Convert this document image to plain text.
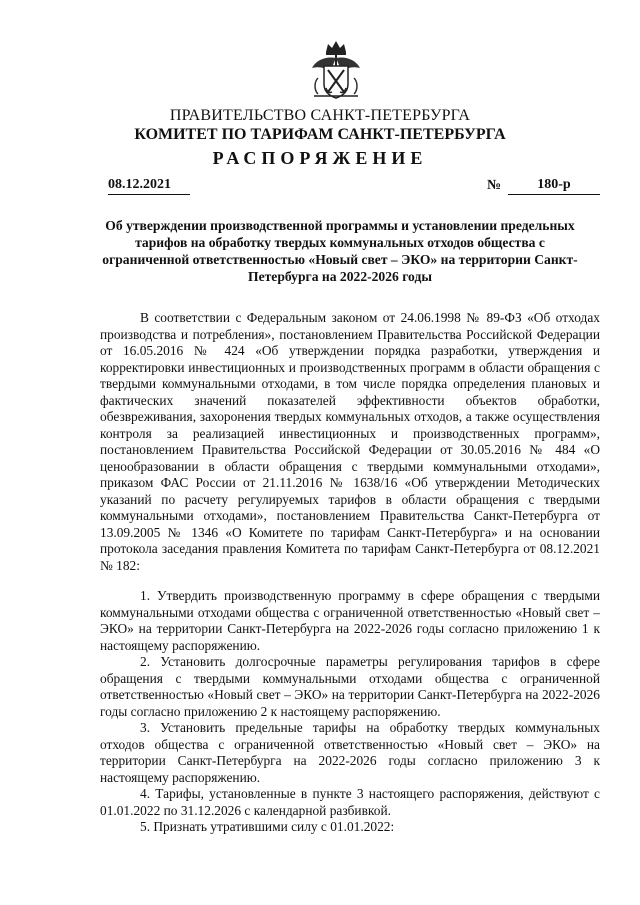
ПРАВИТЕЛЬСТВО САНКТ-ПЕТЕРБУРГА
КОМИТЕТ ПО ТАРИФАМ САНКТ-ПЕТЕРБУРГА
РАСПОРЯЖЕНИЕ
08.12.2021	№	180-р
Об утверждении производственной программы и установлении предельных тарифов на обработку твердых коммунальных отходов общества с ограниченной ответственностью «Новый свет – ЭКО» на территории Санкт-Петербурга на 2022-2026 годы

В соответствии с Федеральным законом от 24.06.1998 № 89-ФЗ «Об отходах производства и потребления», постановлением Правительства Российской Федерации от 16.05.2016 № 424 «Об утверждении порядка разработки, утверждения и корректировки инвестиционных и производственных программ в области обращения с твердыми коммунальными отходами, в том числе порядка определения плановых и фактических значений показателей эффективности объектов обработки, обезвреживания, захоронения твердых коммунальных отходов, а также осуществления контроля за реализацией инвестиционных и производственных программ», постановлением Правительства Российской Федерации от 30.05.2016 № 484 «О ценообразовании в области обращения с твердыми коммунальными отходами», приказом ФАС России от 21.11.2016 № 1638/16 «Об утверждении Методических указаний по расчету регулируемых тарифов в области обращения с твердыми коммунальными отходами», постановлением Правительства Санкт-Петербурга от 13.09.2005 № 1346 «О Комитете по тарифам Санкт-Петербурга» и на основании протокола заседания правления Комитета по тарифам Санкт-Петербурга от 08.12.2021 № 182:

1. Утвердить производственную программу в сфере обращения с твердыми коммунальными отходами общества с ограниченной ответственностью «Новый свет – ЭКО» на территории Санкт-Петербурга на 2022-2026 годы согласно приложению 1 к настоящему распоряжению.

2. Установить долгосрочные параметры регулирования тарифов в сфере обращения с твердыми коммунальными отходами общества с ограниченной ответственностью «Новый свет – ЭКО» на территории Санкт-Петербурга на 2022-2026 годы согласно приложению 2 к настоящему распоряжению.

3. Установить предельные тарифы на обработку твердых коммунальных отходов общества с ограниченной ответственностью «Новый свет – ЭКО» на территории Санкт-Петербурга на 2022-2026 годы согласно приложению 3 к настоящему распоряжению.

4. Тарифы, установленные в пункте 3 настоящего распоряжения, действуют с 01.01.2022 по 31.12.2026 с календарной разбивкой.

5. Признать утратившими силу с 01.01.2022:
